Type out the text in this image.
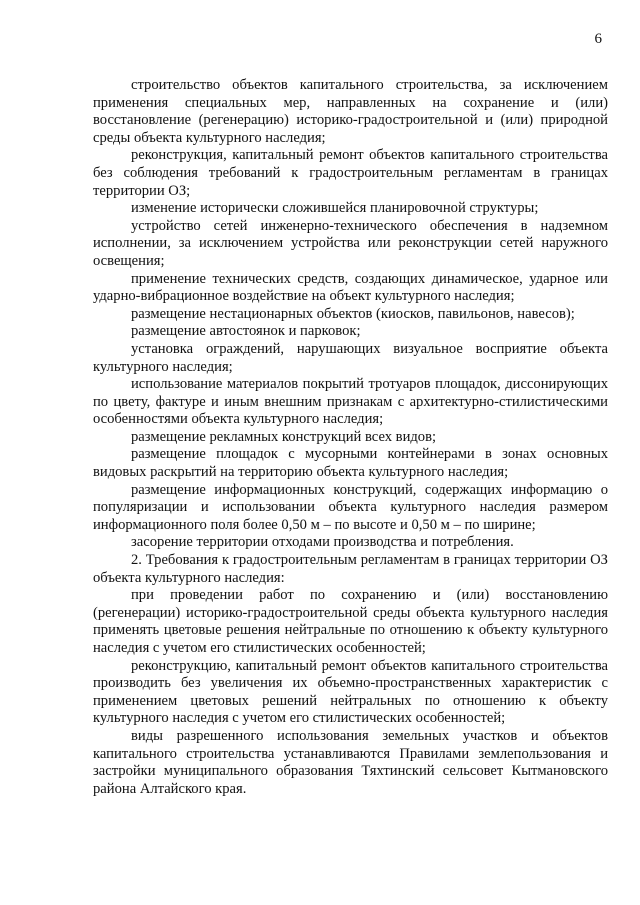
6

строительство объектов капитального строительства, за исключением применения специальных мер, направленных на сохранение и (или) восстановление (регенерацию) историко-градостроительной и (или) природной среды объекта культурного наследия;

реконструкция, капитальный ремонт объектов капитального строительства без соблюдения требований к градостроительным регламентам в границах территории ОЗ;

изменение исторически сложившейся планировочной структуры;

устройство сетей инженерно-технического обеспечения в надземном исполнении, за исключением устройства или реконструкции сетей наружного освещения;

применение технических средств, создающих динамическое, ударное или ударно-вибрационное воздействие на объект культурного наследия;

размещение нестационарных объектов (киосков, павильонов, навесов);

размещение автостоянок и парковок;

установка ограждений, нарушающих визуальное восприятие объекта культурного наследия;

использование материалов покрытий тротуаров площадок, диссонирующих по цвету, фактуре и иным внешним признакам с архитектурно-стилистическими особенностями объекта культурного наследия;

размещение рекламных конструкций всех видов;

размещение площадок с мусорными контейнерами в зонах основных видовых раскрытий на территорию объекта культурного наследия;

размещение информационных конструкций, содержащих информацию о популяризации и использовании объекта культурного наследия размером информационного поля более 0,50 м – по высоте и 0,50 м – по ширине;

засорение территории отходами производства и потребления.

2. Требования к градостроительным регламентам в границах территории ОЗ объекта культурного наследия:

при проведении работ по сохранению и (или) восстановлению (регенерации) историко-градостроительной среды объекта культурного наследия применять цветовые решения нейтральные по отношению к объекту культурного наследия с учетом его стилистических особенностей;

реконструкцию, капитальный ремонт объектов капитального строительства производить без увеличения их объемно-пространственных характеристик с применением цветовых решений нейтральных по отношению к объекту культурного наследия с учетом его стилистических особенностей;

виды разрешенного использования земельных участков и объектов капитального строительства устанавливаются Правилами землепользования и застройки муниципального образования Тяхтинский сельсовет Кытмановского района Алтайского края.
